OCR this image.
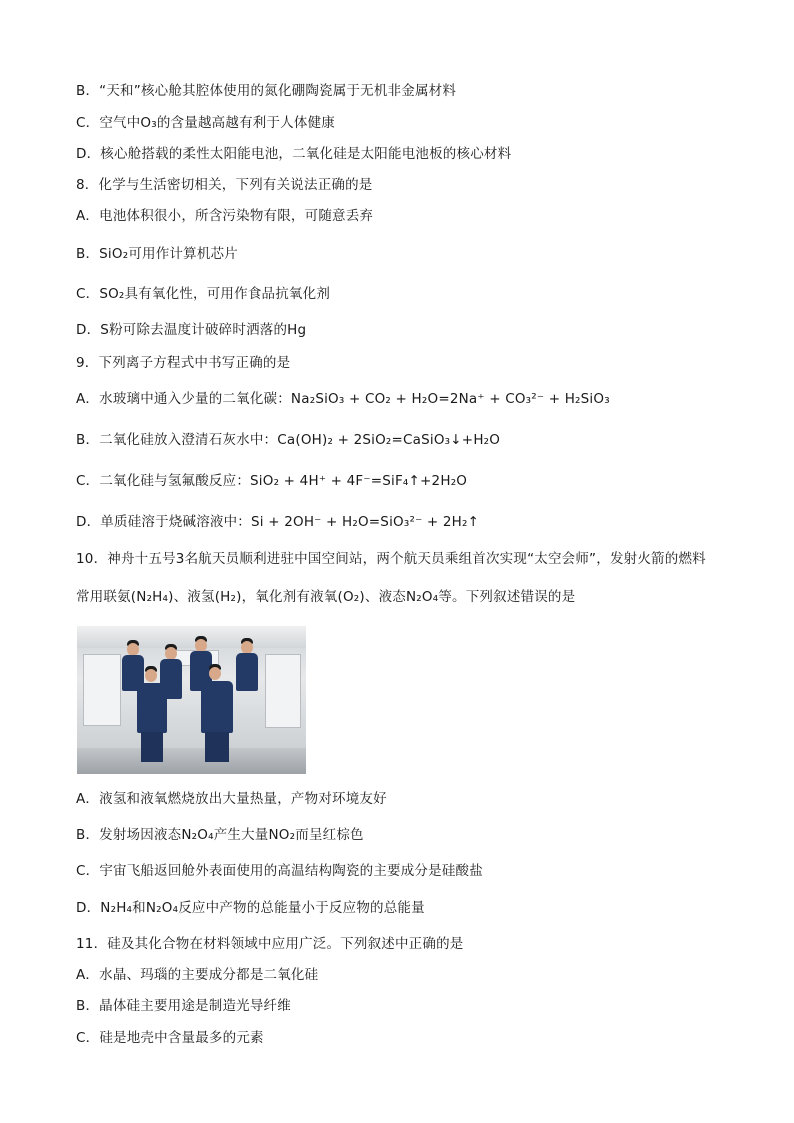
B．“天和”核心舱其腔体使用的氮化硼陶瓷属于无机非金属材料
C．空气中O₃的含量越高越有利于人体健康
D．核心舱搭载的柔性太阳能电池，二氧化硅是太阳能电池板的核心材料
8．化学与生活密切相关，下列有关说法正确的是
A．电池体积很小，所含污染物有限，可随意丢弃
B．SiO₂可用作计算机芯片
C．SO₂具有氧化性，可用作食品抗氧化剂
D．S粉可除去温度计破碎时洒落的Hg
9．下列离子方程式中书写正确的是
A．水玻璃中通入少量的二氧化碳：Na₂SiO₃ + CO₂ + H₂O=2Na⁺ + CO₃²⁻ + H₂SiO₃
B．二氧化硅放入澄清石灰水中：Ca(OH)₂ + 2SiO₂=CaSiO₃↓+H₂O
C．二氧化硅与氢氟酸反应：SiO₂ + 4H⁺ + 4F⁻=SiF₄↑+2H₂O
D．单质硅溶于烧碱溶液中：Si + 2OH⁻ + H₂O=SiO₃²⁻ + 2H₂↑
10．神舟十五号3名航天员顺利进驻中国空间站，两个航天员乘组首次实现“太空会师”，发射火箭的燃料
常用联氨(N₂H₄)、液氢(H₂)，氧化剂有液氧(O₂)、液态N₂O₄等。下列叙述错误的是
A．液氢和液氧燃烧放出大量热量，产物对环境友好
B．发射场因液态N₂O₄产生大量NO₂而呈红棕色
C．宇宙飞船返回舱外表面使用的高温结构陶瓷的主要成分是硅酸盐
D．N₂H₄和N₂O₄反应中产物的总能量小于反应物的总能量
11．硅及其化合物在材料领域中应用广泛。下列叙述中正确的是
A．水晶、玛瑙的主要成分都是二氧化硅
B．晶体硅主要用途是制造光导纤维
C．硅是地壳中含量最多的元素
